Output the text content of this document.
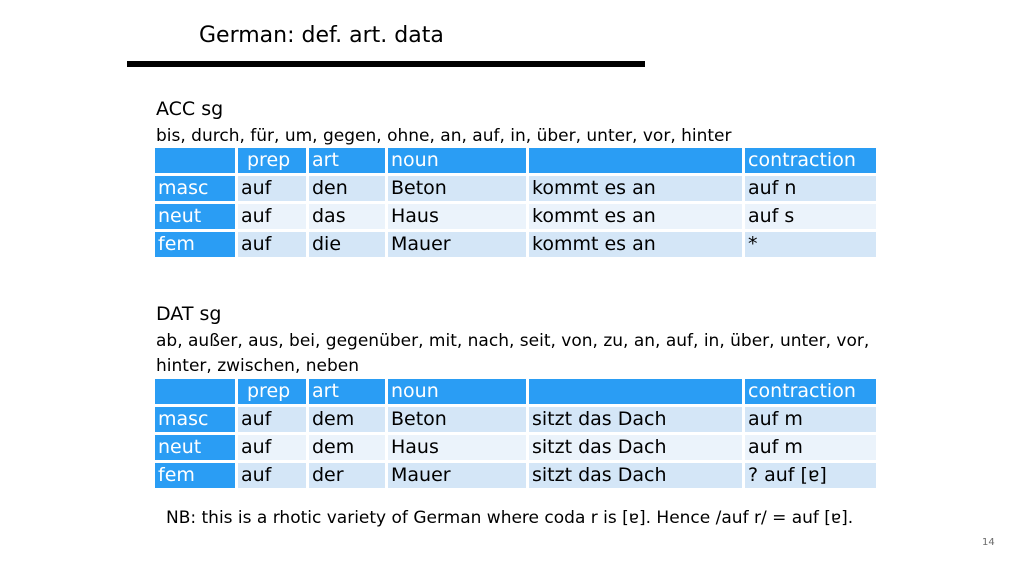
German: def. art. data
ACC sg
bis, durch, für, um, gegen, ohne, an, auf, in, über, unter, vor, hinter
	prep	art	noun		contraction
masc	auf	den	Beton	kommt es an	auf n
neut	auf	das	Haus	kommt es an	auf s
fem	auf	die	Mauer	kommt es an	*
DAT sg
ab, außer, aus, bei, gegenüber, mit, nach, seit, von, zu, an, auf, in, über, unter, vor,
hinter, zwischen, neben
	prep	art	noun		contraction
masc	auf	dem	Beton	sitzt das Dach	auf m
neut	auf	dem	Haus	sitzt das Dach	auf m
fem	auf	der	Mauer	sitzt das Dach	? auf [ɐ]
NB: this is a rhotic variety of German where coda r is [ɐ]. Hence /auf r/ = auf [ɐ].
14
